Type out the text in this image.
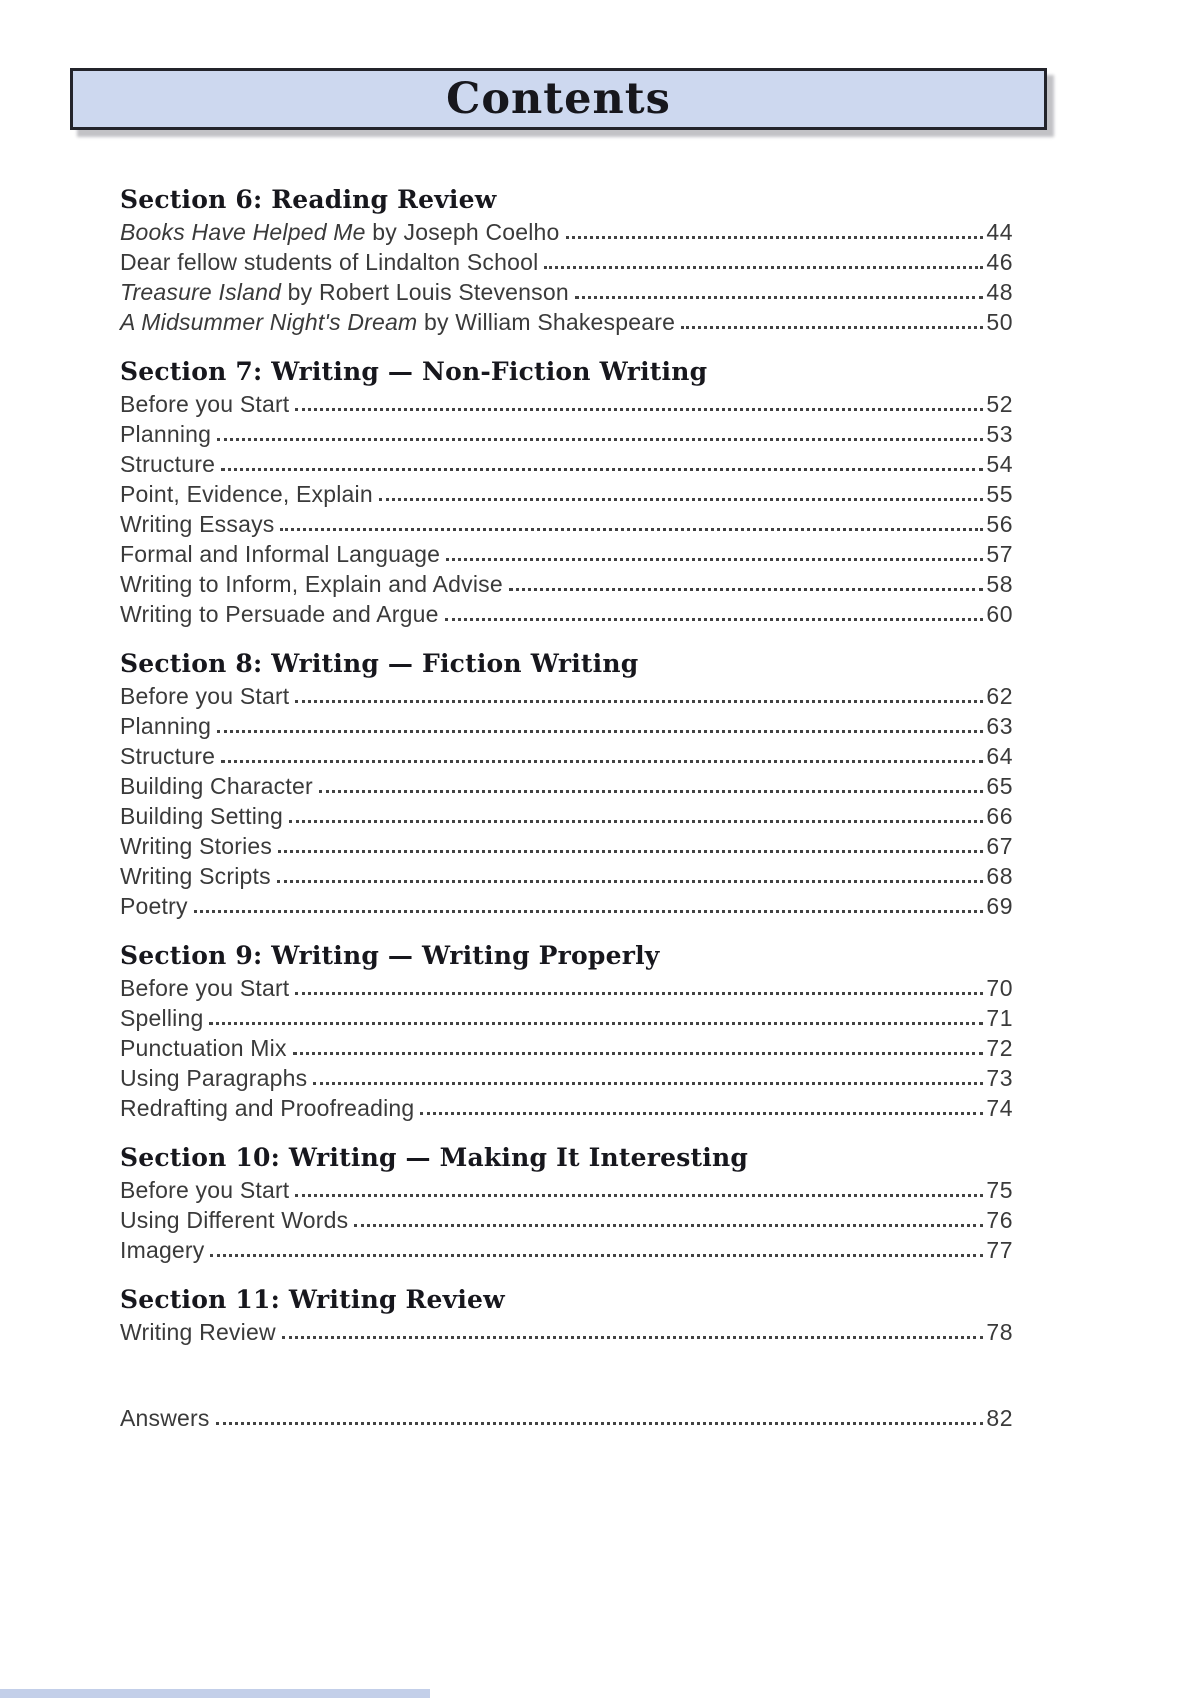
Contents
Section 6: Reading Review
Books Have Helped Me by Joseph Coelho	44
Dear fellow students of Lindalton School	46
Treasure Island by Robert Louis Stevenson	48
A Midsummer Night's Dream by William Shakespeare	50
Section 7: Writing — Non-Fiction Writing
Before you Start	52
Planning	53
Structure	54
Point, Evidence, Explain	55
Writing Essays	56
Formal and Informal Language	57
Writing to Inform, Explain and Advise	58
Writing to Persuade and Argue	60
Section 8: Writing — Fiction Writing
Before you Start	62
Planning	63
Structure	64
Building Character	65
Building Setting	66
Writing Stories	67
Writing Scripts	68
Poetry	69
Section 9: Writing — Writing Properly
Before you Start	70
Spelling	71
Punctuation Mix	72
Using Paragraphs	73
Redrafting and Proofreading	74
Section 10: Writing — Making It Interesting
Before you Start	75
Using Different Words	76
Imagery	77
Section 11: Writing Review
Writing Review	78
Answers	82
